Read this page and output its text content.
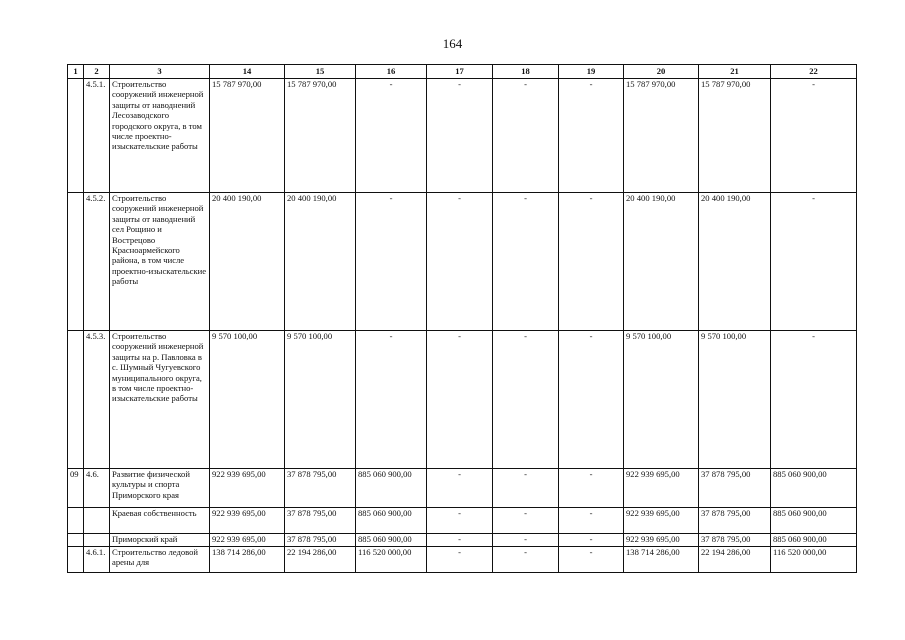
164
1	2	3	14	15	16	17	18	19	20	21	22
	4.5.1.	Строительство сооружений инженерной защиты от наводнений Лесозаводского городского округа, в том числе проектно-изыскательские работы	15 787 970,00	15 787 970,00	-	-	-	-	15 787 970,00	15 787 970,00	-
	4.5.2.	Строительство сооружений инженерной защиты от наводнений сел Рощино и Вострецово Красноармейского района, в том числе проектно-изыскательские работы	20 400 190,00	20 400 190,00	-	-	-	-	20 400 190,00	20 400 190,00	-
	4.5.3.	Строительство сооружений инженерной защиты на р. Павловка в с. Шумный Чугуевского муниципального округа, в том числе проектно-изыскательские работы	9 570 100,00	9 570 100,00	-	-	-	-	9 570 100,00	9 570 100,00	-
09	4.6.	Развитие физической культуры и спорта Приморского края	922 939 695,00	37 878 795,00	885 060 900,00	-	-	-	922 939 695,00	37 878 795,00	885 060 900,00
		Краевая собственность	922 939 695,00	37 878 795,00	885 060 900,00	-	-	-	922 939 695,00	37 878 795,00	885 060 900,00
		Приморский край	922 939 695,00	37 878 795,00	885 060 900,00	-	-	-	922 939 695,00	37 878 795,00	885 060 900,00
	4.6.1.	Строительство ледовой арены для	138 714 286,00	22 194 286,00	116 520 000,00	-	-	-	138 714 286,00	22 194 286,00	116 520 000,00
